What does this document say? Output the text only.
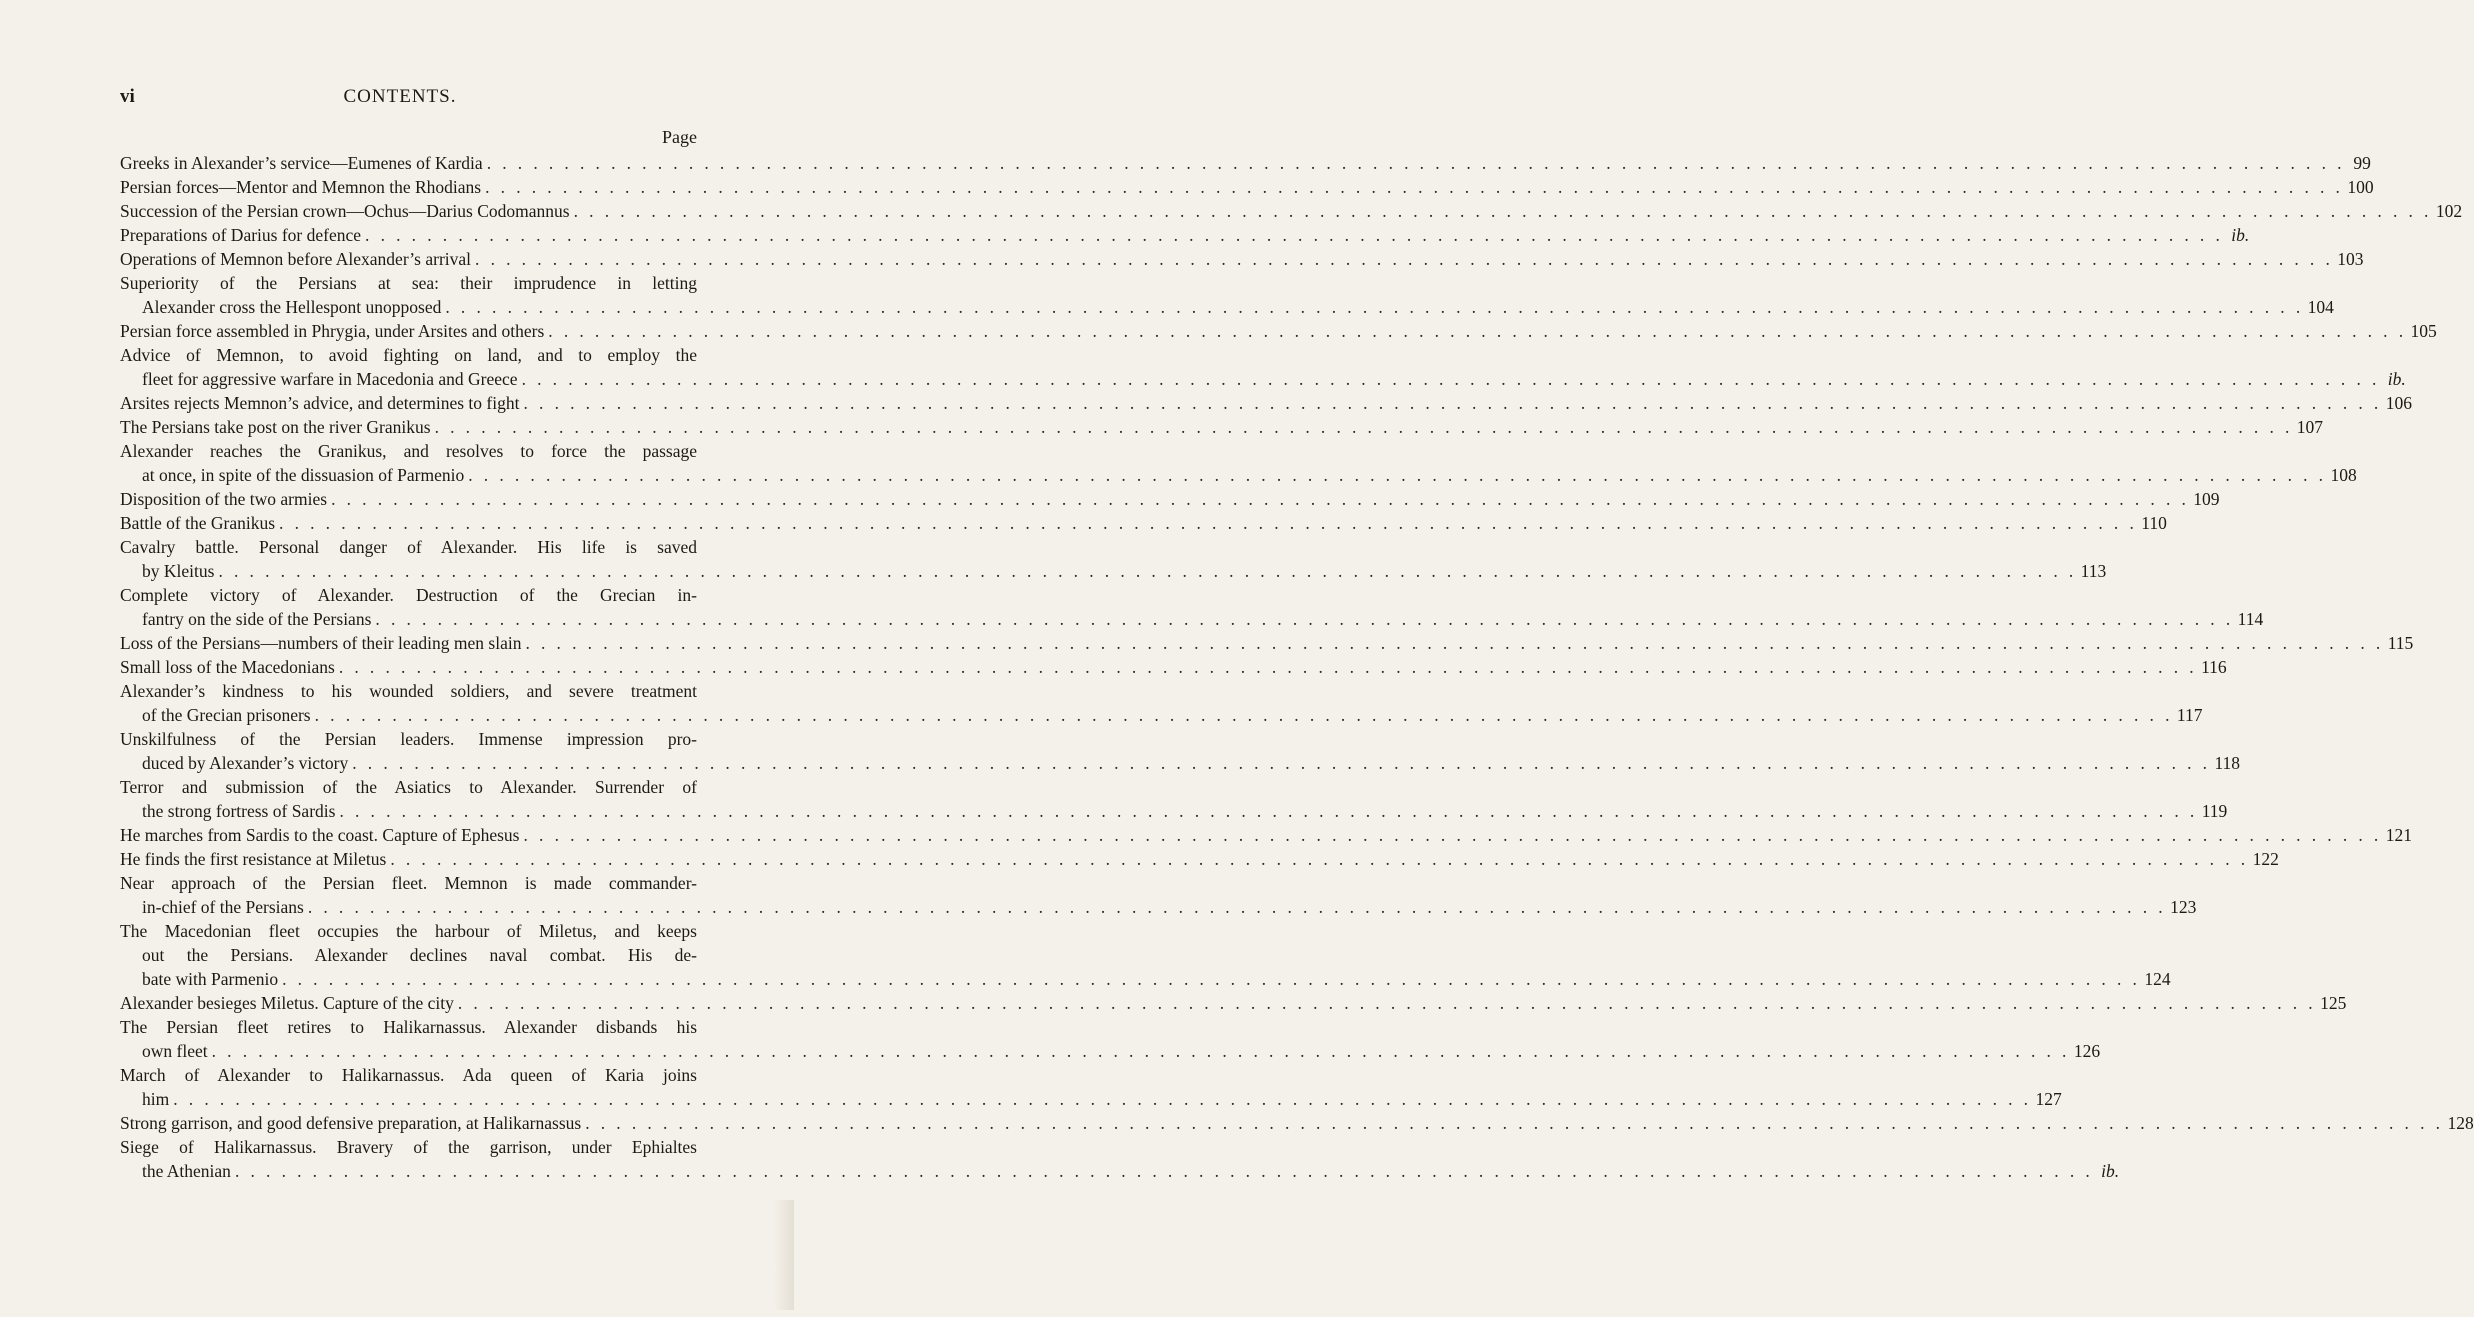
vi	CONTENTS.
Page
Greeks in Alexander’s service—Eumenes of Kardia . . . . . . . . . . . . . . . . . . . . . . . . . . . . . . . . . . . . . . . . . . . . . . . . . . . . . . . . . . . . . . . . . . . . . . . . . . . . . . . . . . . . . . . . . . . . . . . . . . . . . . . . . . . . . . . . . . . . . . . . 99
Persian forces—Mentor and Memnon the Rhodians . . . . . . . . . . . . . . . . . . . . . . . . . . . . . . . . . . . . . . . . . . . . . . . . . . . . . . . . . . . . . . . . . . . . . . . . . . . . . . . . . . . . . . . . . . . . . . . . . . . . . . . . . . . . . . . . . . . . . . . . 100
Succession of the Persian crown—Ochus—Darius Codomannus . . . . . . . . . . . . . . . . . . . . . . . . . . . . . . . . . . . . . . . . . . . . . . . . . . . . . . . . . . . . . . . . . . . . . . . . . . . . . . . . . . . . . . . . . . . . . . . . . . . . . . . . . . . . . . . . . . . . . . . . 102
Preparations of Darius for defence . . . . . . . . . . . . . . . . . . . . . . . . . . . . . . . . . . . . . . . . . . . . . . . . . . . . . . . . . . . . . . . . . . . . . . . . . . . . . . . . . . . . . . . . . . . . . . . . . . . . . . . . . . . . . . . . . . . . . . . . ib.
Operations of Memnon before Alexander’s arrival . . . . . . . . . . . . . . . . . . . . . . . . . . . . . . . . . . . . . . . . . . . . . . . . . . . . . . . . . . . . . . . . . . . . . . . . . . . . . . . . . . . . . . . . . . . . . . . . . . . . . . . . . . . . . . . . . . . . . . . . 103
Superiority of the Persians at sea: their imprudence in letting
Alexander cross the Hellespont unopposed . . . . . . . . . . . . . . . . . . . . . . . . . . . . . . . . . . . . . . . . . . . . . . . . . . . . . . . . . . . . . . . . . . . . . . . . . . . . . . . . . . . . . . . . . . . . . . . . . . . . . . . . . . . . . . . . . . . . . . . . 104
Persian force assembled in Phrygia, under Arsites and others . . . . . . . . . . . . . . . . . . . . . . . . . . . . . . . . . . . . . . . . . . . . . . . . . . . . . . . . . . . . . . . . . . . . . . . . . . . . . . . . . . . . . . . . . . . . . . . . . . . . . . . . . . . . . . . . . . . . . . . . 105
Advice of Memnon, to avoid fighting on land, and to employ the
fleet for aggressive warfare in Macedonia and Greece . . . . . . . . . . . . . . . . . . . . . . . . . . . . . . . . . . . . . . . . . . . . . . . . . . . . . . . . . . . . . . . . . . . . . . . . . . . . . . . . . . . . . . . . . . . . . . . . . . . . . . . . . . . . . . . . . . . . . . . . ib.
Arsites rejects Memnon’s advice, and determines to fight . . . . . . . . . . . . . . . . . . . . . . . . . . . . . . . . . . . . . . . . . . . . . . . . . . . . . . . . . . . . . . . . . . . . . . . . . . . . . . . . . . . . . . . . . . . . . . . . . . . . . . . . . . . . . . . . . . . . . . . . 106
The Persians take post on the river Granikus . . . . . . . . . . . . . . . . . . . . . . . . . . . . . . . . . . . . . . . . . . . . . . . . . . . . . . . . . . . . . . . . . . . . . . . . . . . . . . . . . . . . . . . . . . . . . . . . . . . . . . . . . . . . . . . . . . . . . . . . 107
Alexander reaches the Granikus, and resolves to force the passage
at once, in spite of the dissuasion of Parmenio . . . . . . . . . . . . . . . . . . . . . . . . . . . . . . . . . . . . . . . . . . . . . . . . . . . . . . . . . . . . . . . . . . . . . . . . . . . . . . . . . . . . . . . . . . . . . . . . . . . . . . . . . . . . . . . . . . . . . . . . 108
Disposition of the two armies . . . . . . . . . . . . . . . . . . . . . . . . . . . . . . . . . . . . . . . . . . . . . . . . . . . . . . . . . . . . . . . . . . . . . . . . . . . . . . . . . . . . . . . . . . . . . . . . . . . . . . . . . . . . . . . . . . . . . . . . 109
Battle of the Granikus . . . . . . . . . . . . . . . . . . . . . . . . . . . . . . . . . . . . . . . . . . . . . . . . . . . . . . . . . . . . . . . . . . . . . . . . . . . . . . . . . . . . . . . . . . . . . . . . . . . . . . . . . . . . . . . . . . . . . . . . 110
Cavalry battle. Personal danger of Alexander. His life is saved
by Kleitus . . . . . . . . . . . . . . . . . . . . . . . . . . . . . . . . . . . . . . . . . . . . . . . . . . . . . . . . . . . . . . . . . . . . . . . . . . . . . . . . . . . . . . . . . . . . . . . . . . . . . . . . . . . . . . . . . . . . . . . . 113
Complete victory of Alexander. Destruction of the Grecian in-
fantry on the side of the Persians . . . . . . . . . . . . . . . . . . . . . . . . . . . . . . . . . . . . . . . . . . . . . . . . . . . . . . . . . . . . . . . . . . . . . . . . . . . . . . . . . . . . . . . . . . . . . . . . . . . . . . . . . . . . . . . . . . . . . . . . 114
Loss of the Persians—numbers of their leading men slain . . . . . . . . . . . . . . . . . . . . . . . . . . . . . . . . . . . . . . . . . . . . . . . . . . . . . . . . . . . . . . . . . . . . . . . . . . . . . . . . . . . . . . . . . . . . . . . . . . . . . . . . . . . . . . . . . . . . . . . . 115
Small loss of the Macedonians . . . . . . . . . . . . . . . . . . . . . . . . . . . . . . . . . . . . . . . . . . . . . . . . . . . . . . . . . . . . . . . . . . . . . . . . . . . . . . . . . . . . . . . . . . . . . . . . . . . . . . . . . . . . . . . . . . . . . . . . 116
Alexander’s kindness to his wounded soldiers, and severe treatment
of the Grecian prisoners . . . . . . . . . . . . . . . . . . . . . . . . . . . . . . . . . . . . . . . . . . . . . . . . . . . . . . . . . . . . . . . . . . . . . . . . . . . . . . . . . . . . . . . . . . . . . . . . . . . . . . . . . . . . . . . . . . . . . . . . 117
Unskilfulness of the Persian leaders. Immense impression pro-
duced by Alexander’s victory . . . . . . . . . . . . . . . . . . . . . . . . . . . . . . . . . . . . . . . . . . . . . . . . . . . . . . . . . . . . . . . . . . . . . . . . . . . . . . . . . . . . . . . . . . . . . . . . . . . . . . . . . . . . . . . . . . . . . . . . 118
Terror and submission of the Asiatics to Alexander. Surrender of
the strong fortress of Sardis . . . . . . . . . . . . . . . . . . . . . . . . . . . . . . . . . . . . . . . . . . . . . . . . . . . . . . . . . . . . . . . . . . . . . . . . . . . . . . . . . . . . . . . . . . . . . . . . . . . . . . . . . . . . . . . . . . . . . . . . 119
He marches from Sardis to the coast. Capture of Ephesus . . . . . . . . . . . . . . . . . . . . . . . . . . . . . . . . . . . . . . . . . . . . . . . . . . . . . . . . . . . . . . . . . . . . . . . . . . . . . . . . . . . . . . . . . . . . . . . . . . . . . . . . . . . . . . . . . . . . . . . . 121
He finds the first resistance at Miletus . . . . . . . . . . . . . . . . . . . . . . . . . . . . . . . . . . . . . . . . . . . . . . . . . . . . . . . . . . . . . . . . . . . . . . . . . . . . . . . . . . . . . . . . . . . . . . . . . . . . . . . . . . . . . . . . . . . . . . . . 122
Near approach of the Persian fleet. Memnon is made commander-
in-chief of the Persians . . . . . . . . . . . . . . . . . . . . . . . . . . . . . . . . . . . . . . . . . . . . . . . . . . . . . . . . . . . . . . . . . . . . . . . . . . . . . . . . . . . . . . . . . . . . . . . . . . . . . . . . . . . . . . . . . . . . . . . . 123
The Macedonian fleet occupies the harbour of Miletus, and keeps
out the Persians. Alexander declines naval combat. His de-
bate with Parmenio . . . . . . . . . . . . . . . . . . . . . . . . . . . . . . . . . . . . . . . . . . . . . . . . . . . . . . . . . . . . . . . . . . . . . . . . . . . . . . . . . . . . . . . . . . . . . . . . . . . . . . . . . . . . . . . . . . . . . . . . 124
Alexander besieges Miletus. Capture of the city . . . . . . . . . . . . . . . . . . . . . . . . . . . . . . . . . . . . . . . . . . . . . . . . . . . . . . . . . . . . . . . . . . . . . . . . . . . . . . . . . . . . . . . . . . . . . . . . . . . . . . . . . . . . . . . . . . . . . . . . 125
The Persian fleet retires to Halikarnassus. Alexander disbands his
own fleet . . . . . . . . . . . . . . . . . . . . . . . . . . . . . . . . . . . . . . . . . . . . . . . . . . . . . . . . . . . . . . . . . . . . . . . . . . . . . . . . . . . . . . . . . . . . . . . . . . . . . . . . . . . . . . . . . . . . . . . . 126
March of Alexander to Halikarnassus. Ada queen of Karia joins
him . . . . . . . . . . . . . . . . . . . . . . . . . . . . . . . . . . . . . . . . . . . . . . . . . . . . . . . . . . . . . . . . . . . . . . . . . . . . . . . . . . . . . . . . . . . . . . . . . . . . . . . . . . . . . . . . . . . . . . . . 127
Strong garrison, and good defensive preparation, at Halikarnassus . . . . . . . . . . . . . . . . . . . . . . . . . . . . . . . . . . . . . . . . . . . . . . . . . . . . . . . . . . . . . . . . . . . . . . . . . . . . . . . . . . . . . . . . . . . . . . . . . . . . . . . . . . . . . . . . . . . . . . . . 128
Siege of Halikarnassus. Bravery of the garrison, under Ephialtes
the Athenian . . . . . . . . . . . . . . . . . . . . . . . . . . . . . . . . . . . . . . . . . . . . . . . . . . . . . . . . . . . . . . . . . . . . . . . . . . . . . . . . . . . . . . . . . . . . . . . . . . . . . . . . . . . . . . . . . . . . . . . . ib.
